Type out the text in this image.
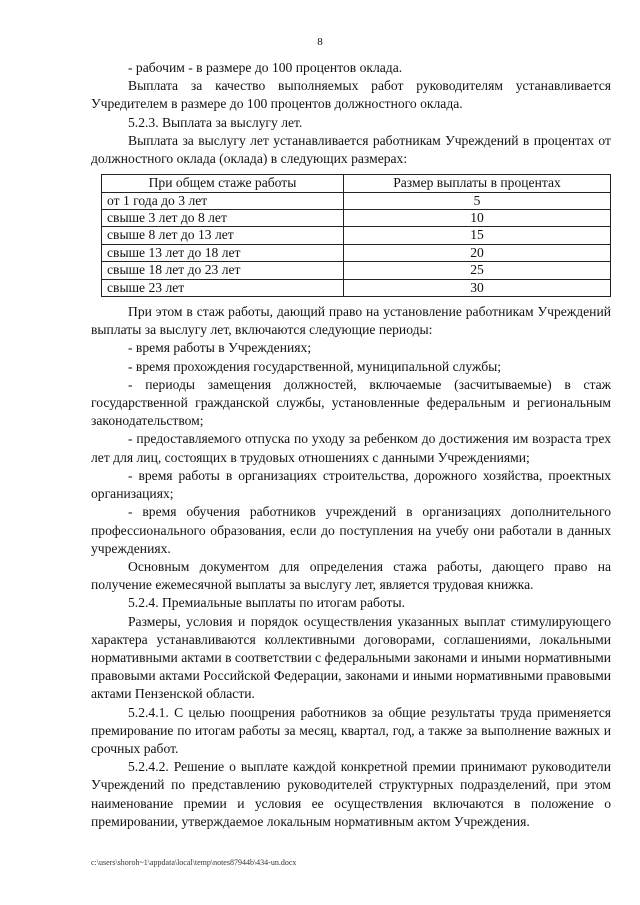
8

- рабочим - в размере до 100 процентов оклада.

Выплата за качество выполняемых работ руководителям устанавливается Учредителем в размере до 100 процентов должностного оклада.

5.2.3. Выплата за выслугу лет.

Выплата за выслугу лет устанавливается работникам Учреждений в процентах от должностного оклада (оклада) в следующих размерах:

При общем стаже работы	Размер выплаты в процентах
от 1 года до 3 лет	5
свыше 3 лет до 8 лет	10
свыше 8 лет до 13 лет	15
свыше 13 лет до 18 лет	20
свыше 18 лет до 23 лет	25
свыше 23 лет	30

При этом в стаж работы, дающий право на установление работникам Учреждений выплаты за выслугу лет, включаются следующие периоды:

- время работы в Учреждениях;

- время прохождения государственной, муниципальной службы;

- периоды замещения должностей, включаемые (засчитываемые) в стаж государственной гражданской службы, установленные федеральным и региональным законодательством;

- предоставляемого отпуска по уходу за ребенком до достижения им возраста трех лет для лиц, состоящих в трудовых отношениях с данными Учреждениями;

- время работы в организациях строительства, дорожного хозяйства, проектных организациях;

- время обучения работников учреждений в организациях дополнительного профессионального образования, если до поступления на учебу они работали в данных учреждениях.

Основным документом для определения стажа работы, дающего право на получение ежемесячной выплаты за выслугу лет, является трудовая книжка.

5.2.4. Премиальные выплаты по итогам работы.

Размеры, условия и порядок осуществления указанных выплат стимулирующего характера устанавливаются коллективными договорами, соглашениями, локальными нормативными актами в соответствии с федеральными законами и иными нормативными правовыми актами Российской Федерации, законами и иными нормативными правовыми актами Пензенской области.

5.2.4.1. С целью поощрения работников за общие результаты труда применяется премирование по итогам работы за месяц, квартал, год, а также за выполнение важных и срочных работ.

5.2.4.2. Решение о выплате каждой конкретной премии принимают руководители Учреждений по представлению руководителей структурных подразделений, при этом наименование премии и условия ее осуществления включаются в положение о премировании, утверждаемое локальным нормативным актом Учреждения.

c:\users\shoroh~1\appdata\local\temp\notes87944b\434-un.docx
